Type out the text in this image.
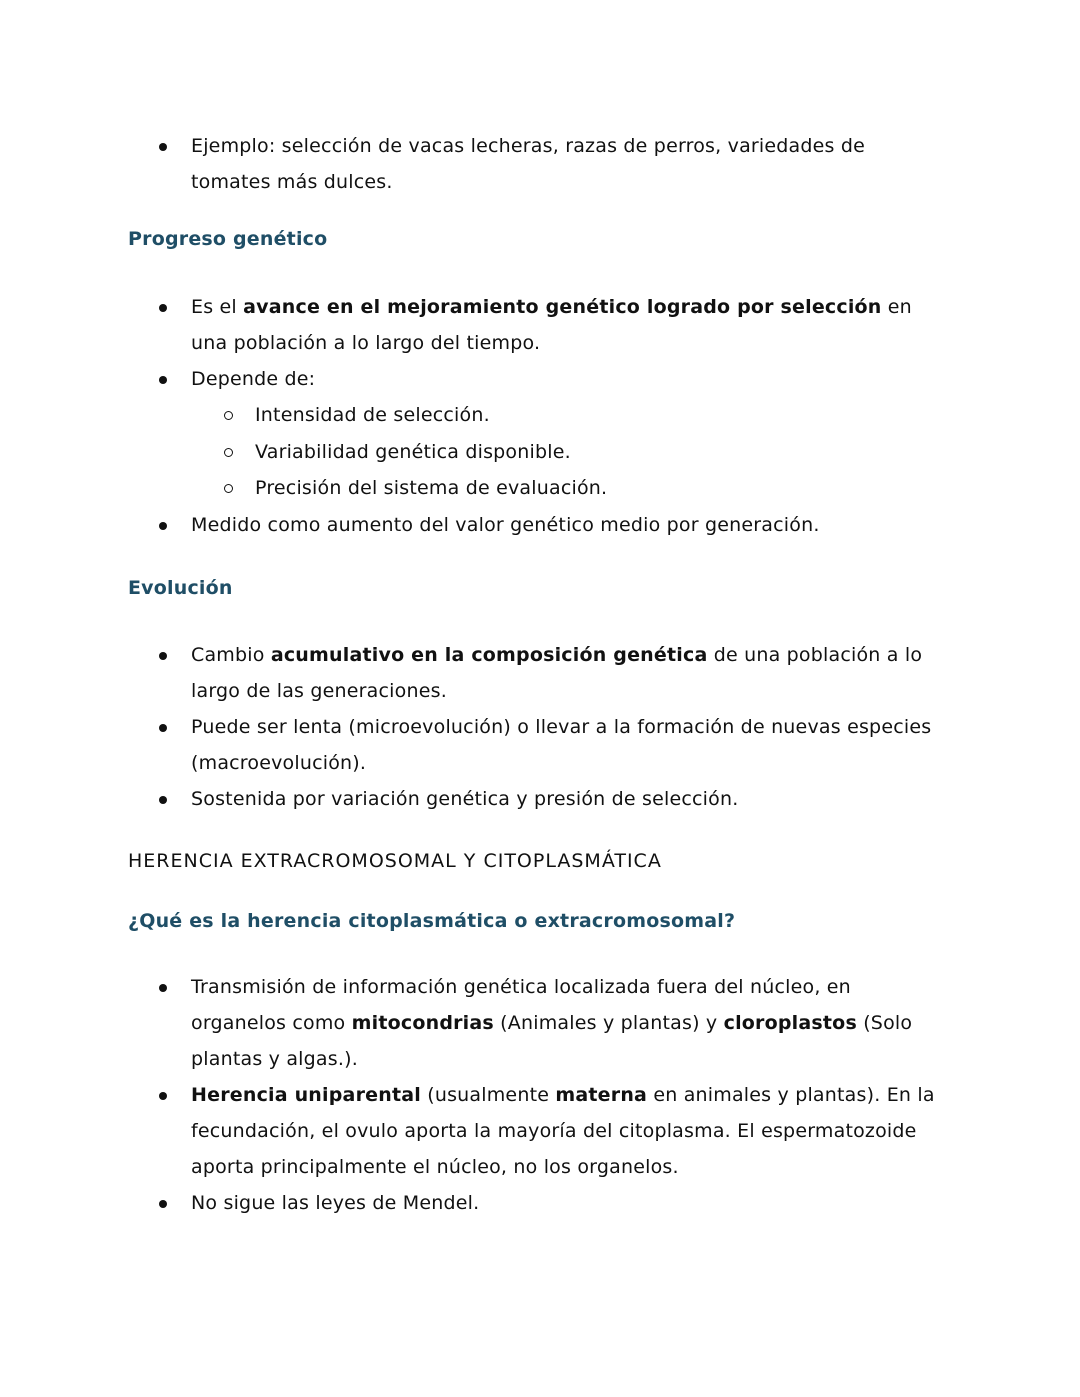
Ejemplo: selección de vacas lecheras, razas de perros, variedades de tomates más dulces.
Progreso genético
Es el avance en el mejoramiento genético logrado por selección en una población a lo largo del tiempo.
Depende de:
Intensidad de selección.
Variabilidad genética disponible.
Precisión del sistema de evaluación.
Medido como aumento del valor genético medio por generación.
Evolución
Cambio acumulativo en la composición genética de una población a lo largo de las generaciones.
Puede ser lenta (microevolución) o llevar a la formación de nuevas especies (macroevolución).
Sostenida por variación genética y presión de selección.
HERENCIA EXTRACROMOSOMAL Y CITOPLASMÁTICA
¿Qué es la herencia citoplasmática o extracromosomal?
Transmisión de información genética localizada fuera del núcleo, en organelos como mitocondrias (Animales y plantas) y cloroplastos (Solo plantas y algas.).
Herencia uniparental (usualmente materna en animales y plantas). En la fecundación, el ovulo aporta la mayoría del citoplasma. El espermatozoide aporta principalmente el núcleo, no los organelos.
No sigue las leyes de Mendel.
